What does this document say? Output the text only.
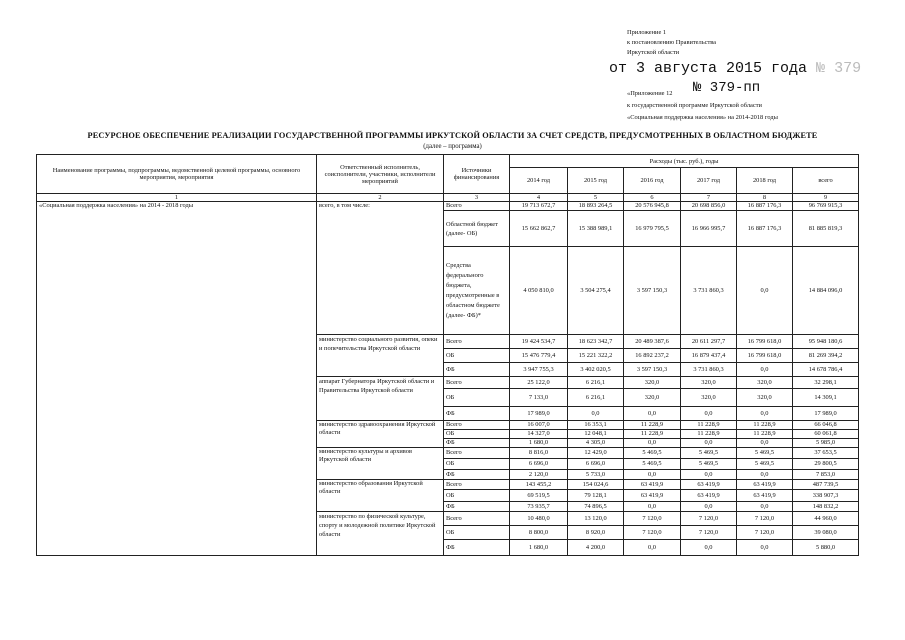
Приложение 1
к постановлению Правительства
Иркутской области
от 3 августа 2015 года № 379
«Приложение 12	№ 379-пп
к государственной программе Иркутской области
«Социальная поддержка населения» на 2014-2018 годы
РЕСУРСНОЕ ОБЕСПЕЧЕНИЕ РЕАЛИЗАЦИИ ГОСУДАРСТВЕННОЙ ПРОГРАММЫ ИРКУТСКОЙ ОБЛАСТИ ЗА СЧЕТ СРЕДСТВ, ПРЕДУСМОТРЕННЫХ В ОБЛАСТНОМ БЮДЖЕТЕ
(далее – программа)
Наименование программы, подпрограммы, ведомственной целевой программы, основного мероприятия, мероприятия	Ответственный исполнитель, соисполнители, участники, исполнители мероприятий	Источники финансирования	Расходы (тыс. руб.), годы					
			2014 год	2015 год	2016 год	2017 год	2018 год	всего
1	2	3	4	5	6	7	8	9
«Социальная поддержка населения» на 2014 - 2018 годы	всего, в том числе:	Всего	19 713 672,7	18 893 264,5	20 576 945,8	20 698 856,0	16 887 176,3	96 769 915,3
		Областной бюджет (далее- ОБ)	15 662 862,7	15 388 989,1	16 979 795,5	16 966 995,7	16 887 176,3	81 885 819,3
		Средства федерального бюджета, предусмотренные в областном бюджете (далее- ФБ)*	4 050 810,0	3 504 275,4	3 597 150,3	3 731 860,3	0,0	14 884 096,0
	министерство социального развития, опеки и попечительства Иркутской области	Всего	19 424 534,7	18 623 342,7	20 489 387,6	20 611 297,7	16 799 618,0	95 948 180,6
		ОБ	15 476 779,4	15 221 322,2	16 892 237,2	16 879 437,4	16 799 618,0	81 269 394,2
		ФБ	3 947 755,3	3 402 020,5	3 597 150,3	3 731 860,3	0,0	14 678 786,4
	аппарат Губернатора Иркутской области и Правительства Иркутской области	Всего	25 122,0	6 216,1	320,0	320,0	320,0	32 298,1
		ОБ	7 133,0	6 216,1	320,0	320,0	320,0	14 309,1
		ФБ	17 989,0	0,0	0,0	0,0	0,0	17 989,0
	министерство здравоохранения Иркутской области	Всего	16 007,0	16 353,1	11 228,9	11 228,9	11 228,9	66 046,8
		ОБ	14 327,0	12 048,1	11 228,9	11 228,9	11 228,9	60 061,8
		ФБ	1 680,0	4 305,0	0,0	0,0	0,0	5 985,0
	министерство культуры и архивов Иркутской области	Всего	8 816,0	12 429,0	5 469,5	5 469,5	5 469,5	37 653,5
		ОБ	6 696,0	6 696,0	5 469,5	5 469,5	5 469,5	29 800,5
		ФБ	2 120,0	5 733,0	0,0	0,0	0,0	7 853,0
	министерство образования Иркутской области	Всего	143 455,2	154 024,6	63 419,9	63 419,9	63 419,9	487 739,5
		ОБ	69 519,5	79 128,1	63 419,9	63 419,9	63 419,9	338 907,3
		ФБ	73 935,7	74 896,5	0,0	0,0	0,0	148 832,2
	министерство по физической культуре, спорту и молодежной политике Иркутской области	Всего	10 480,0	13 120,0	7 120,0	7 120,0	7 120,0	44 960,0
		ОБ	8 800,0	8 920,0	7 120,0	7 120,0	7 120,0	39 080,0
		ФБ	1 680,0	4 200,0	0,0	0,0	0,0	5 880,0
